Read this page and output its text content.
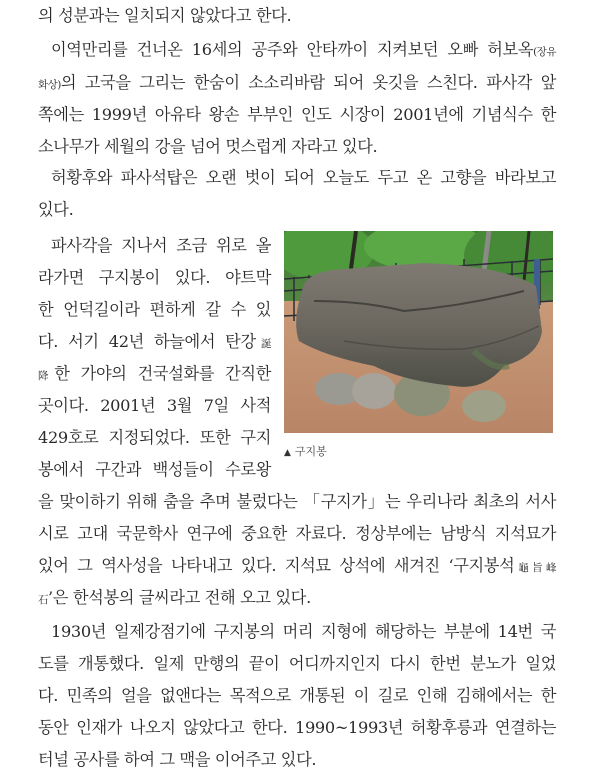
의 성분과는 일치되지 않았다고 한다.
이역만리를 건너온 16세의 공주와 안타까이 지켜보던 오빠 허보옥(장유
화상)의 고국을 그리는 한숨이 소소리바람 되어 옷깃을 스친다. 파사각 앞
쪽에는 1999년 아유타 왕손 부부인 인도 시장이 2001년에 기념식수 한
소나무가 세월의 강을 넘어 멋스럽게 자라고 있다.
허황후와 파사석탑은 오랜 벗이 되어 오늘도 두고 온 고향을 바라보고
있다.
파사각을 지나서 조금 위로 올
라가면 구지봉이 있다. 야트막
한 언덕길이라 편하게 갈 수 있
다. 서기 42년 하늘에서 탄강誕
降한 가야의 건국설화를 간직한
곳이다. 2001년 3월 7일 사적
429호로 지정되었다. 또한 구지
봉에서 구간과 백성들이 수로왕
을 맞이하기 위해 춤을 추며 불렀다는 「구지가」는 우리나라 최초의 서사
시로 고대 국문학사 연구에 중요한 자료다. 정상부에는 남방식 지석묘가
있어 그 역사성을 나타내고 있다. 지석묘 상석에 새겨진 ‘구지봉석龜旨峰
石’은 한석봉의 글씨라고 전해 오고 있다.
1930년 일제강점기에 구지봉의 머리 지형에 해당하는 부분에 14번 국
도를 개통했다. 일제 만행의 끝이 어디까지인지 다시 한번 분노가 일었
다. 민족의 얼을 없앤다는 목적으로 개통된 이 길로 인해 김해에서는 한
동안 인재가 나오지 않았다고 한다. 1990~1993년 허황후릉과 연결하는
터널 공사를 하여 그 맥을 이어주고 있다.
▲ 구지봉
